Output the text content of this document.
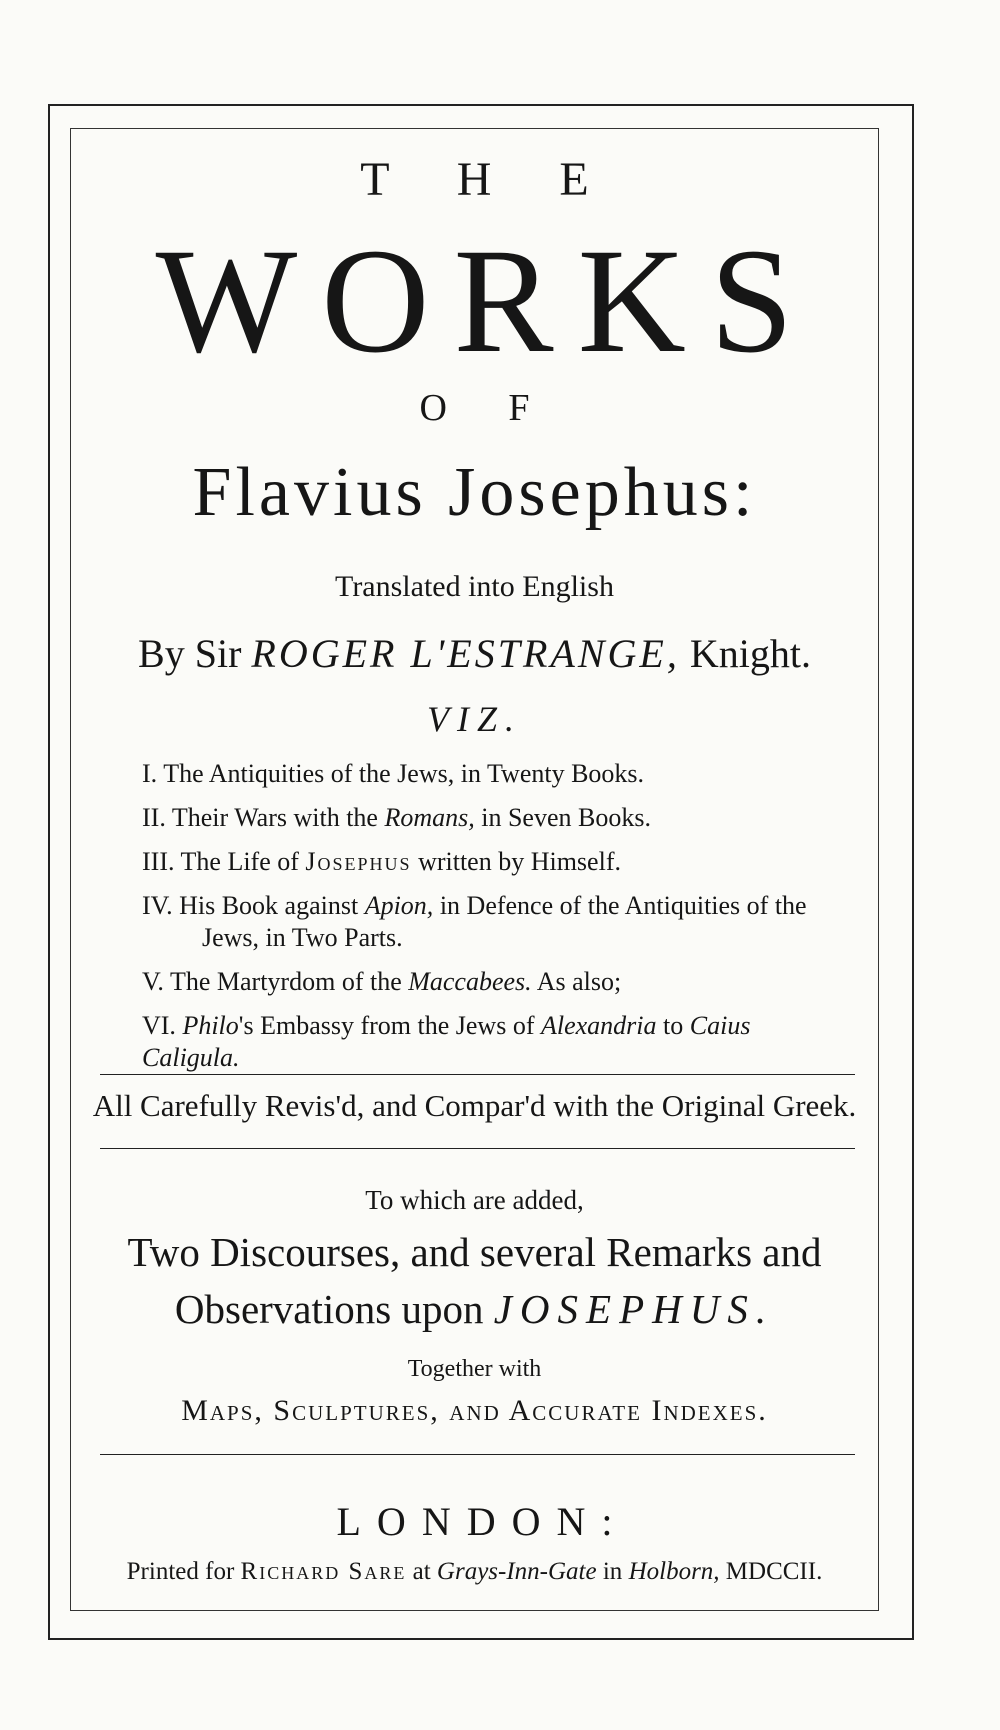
T H E
WORKS
O F
Flavius Josephus:
Translated into English
By Sir ROGER L'ESTRANGE, Knight.
VIZ.
I. The Antiquities of the Jews, in Twenty Books.
II. Their Wars with the Romans, in Seven Books.
III. The Life of Josephus written by Himself.
IV. His Book against Apion, in Defence of the Antiquities of the
Jews, in Two Parts.
V. The Martyrdom of the Maccabees. As also;
VI. Philo's Embassy from the Jews of Alexandria to Caius Caligula.
All Carefully Revis'd, and Compar'd with the Original Greek.
To which are added,
Two Discourses, and several Remarks and
Observations upon JOSEPHUS.
Together with
Maps, Sculptures, and Accurate Indexes.
LONDON:
Printed for Richard Sare at Grays-Inn-Gate in Holborn, MDCCII.
